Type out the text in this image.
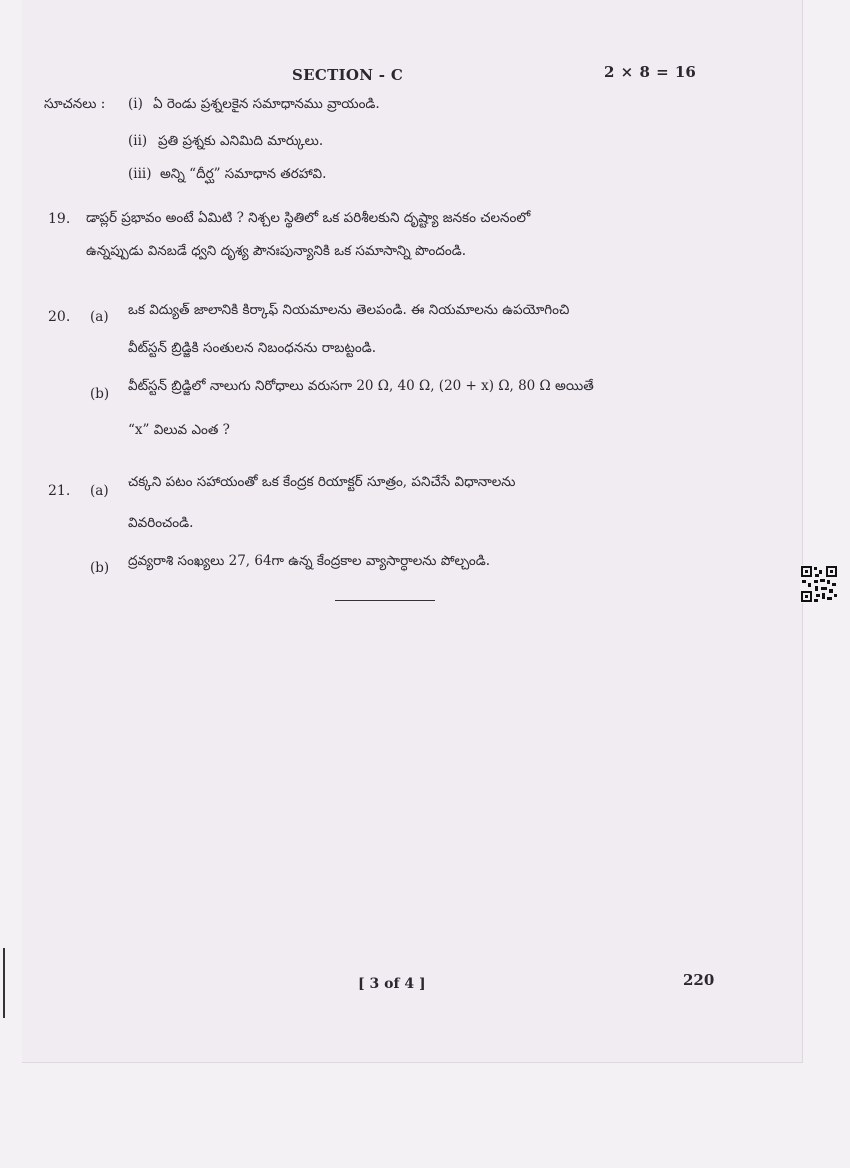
SECTION - C	2 × 8 = 16
సూచనలు : (i) ఏ రెండు ప్రశ్నలకైన సమాధానము వ్రాయండి.
(ii) ప్రతి ప్రశ్నకు ఎనిమిది మార్కులు.
(iii) అన్ని “దీర్ఘ” సమాధాన తరహావి.
19. డాప్లర్ ప్రభావం అంటే ఏమిటి ? నిశ్చల స్థితిలో ఒక పరిశీలకుని దృష్ట్యా జనకం చలనంలో
ఉన్నప్పుడు వినబడే ధ్వని దృశ్య పౌనఃపున్యానికి ఒక సమాసాన్ని పొందండి.
20. (a) ఒక విద్యుత్ జాలానికి కిర్కాఫ్ నియమాలను తెలపండి. ఈ నియమాలను ఉపయోగించి
వీట్‌స్టన్ బ్రిడ్జికి సంతులన నిబంధనను రాబట్టండి.
(b) వీట్‌స్టన్ బ్రిడ్జిలో నాలుగు నిరోధాలు వరుసగా 20 Ω, 40 Ω, (20 + x) Ω, 80 Ω అయితే
“x” విలువ ఎంత ?
21. (a)
చక్కని పటం సహాయంతో ఒక కేంద్రక రియాక్టర్ సూత్రం, పనిచేసే విధానాలను
వివరించండి.
(b) ద్రవ్యరాశి సంఖ్యలు 27, 64గా ఉన్న కేంద్రకాల వ్యాసార్ధాలను పోల్చండి.
[ 3 of 4 ]	220
